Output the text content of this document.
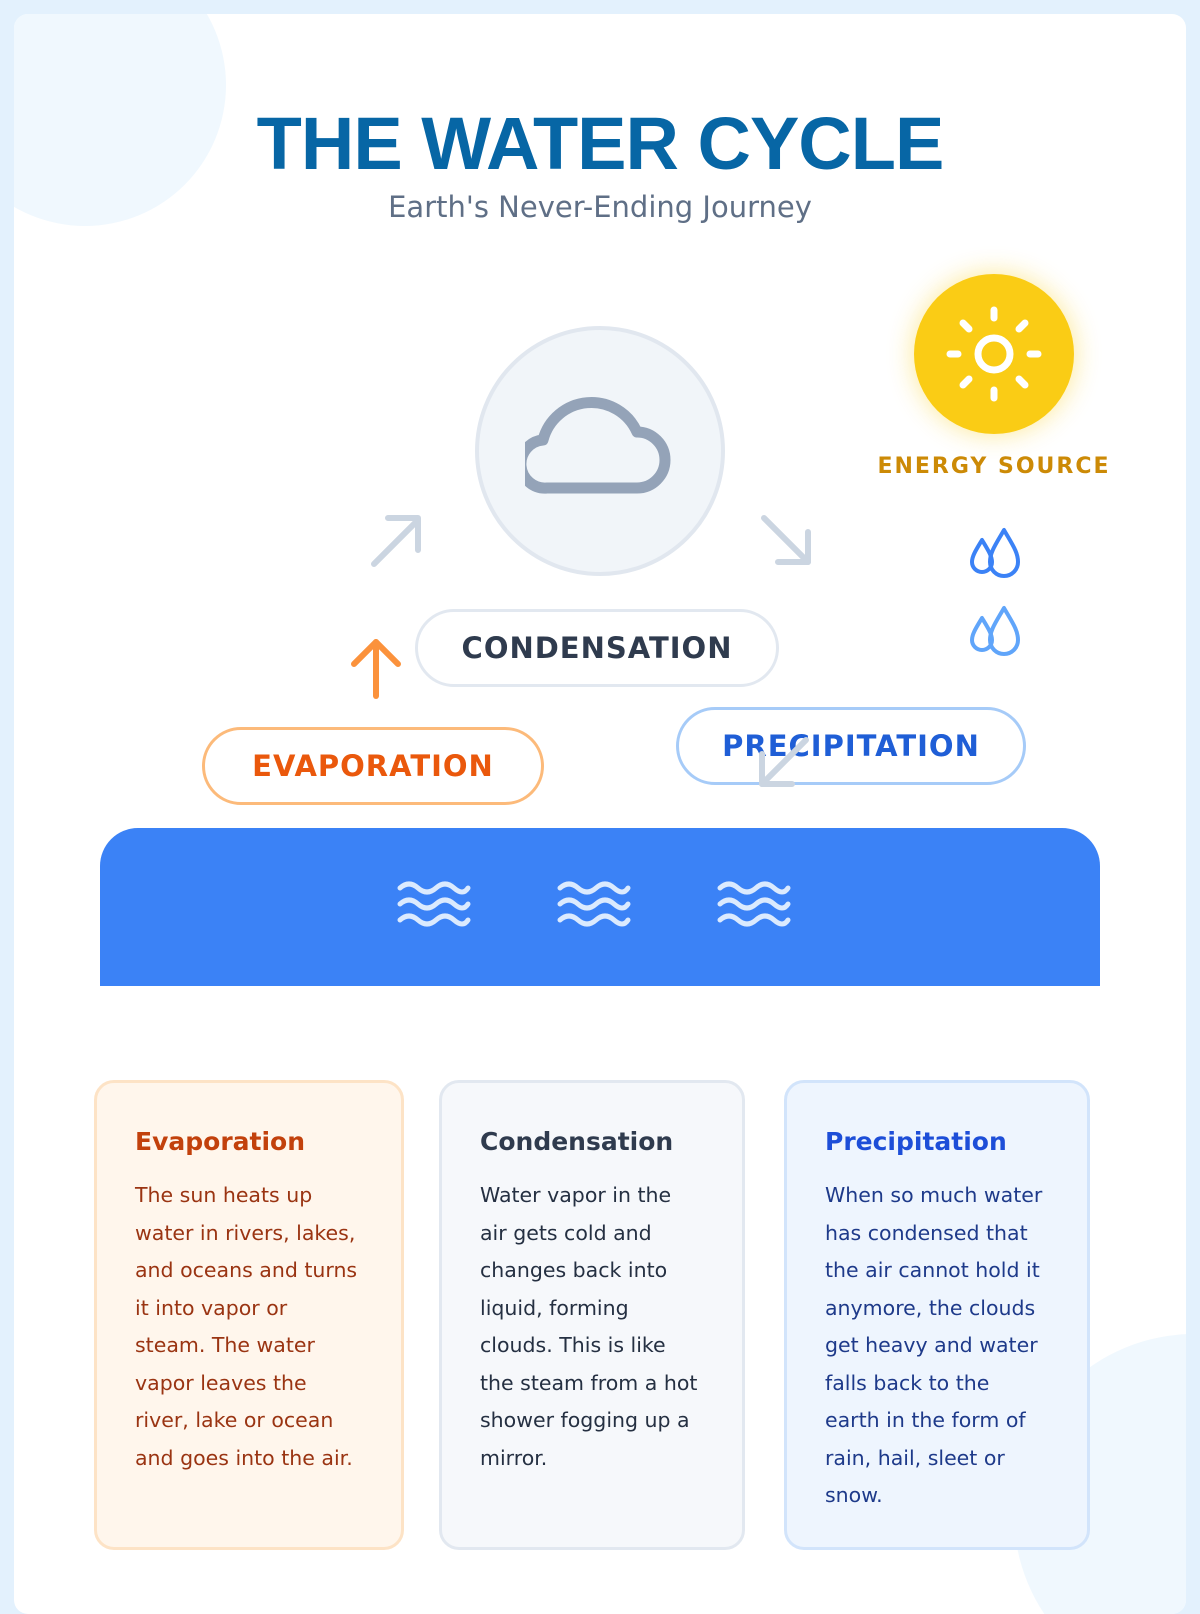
THE WATER CYCLE
Earth's Never-Ending Journey
ENERGY SOURCE
CONDENSATION
EVAPORATION
PRECIPITATION
Evaporation

The sun heats up water in rivers, lakes, and oceans and turns it into vapor or steam. The water vapor leaves the river, lake or ocean and goes into the air.

Condensation

Water vapor in the air gets cold and changes back into liquid, forming clouds. This is like the steam from a hot shower fogging up a mirror.

Precipitation

When so much water has condensed that the air cannot hold it anymore, the clouds get heavy and water falls back to the earth in the form of rain, hail, sleet or snow.
